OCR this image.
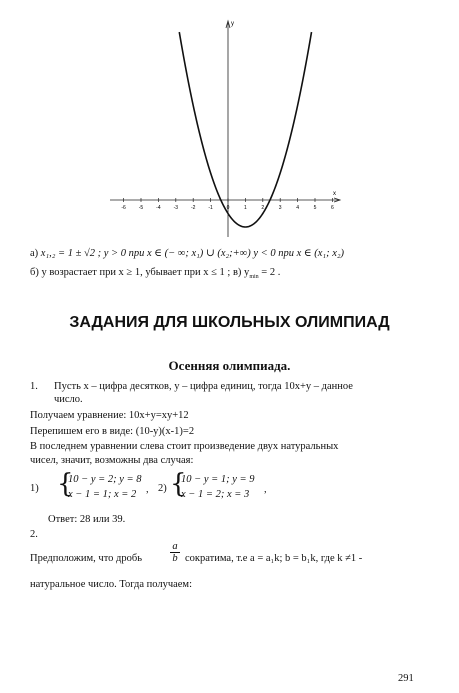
y
x
-6	-5	-4	-3	-2	-1	0	1	2	3	4	5	6
а) x₁,₂ = 1 ± √2 ; y > 0 при x ∈ (− ∞; x₁) ∪ (x₂;+∞) y < 0 при x ∈ (x₁; x₂)
б) y возрастает при x ≥ 1, убывает при x ≤ 1 ; в) $y_{min} = 2$ .
ЗАДАНИЯ ДЛЯ ШКОЛЬНЫХ ОЛИМПИАД
Осенняя олимпиада.
1. Пусть x – цифра десятков, y – цифра единиц, тогда 10x+y – данное
число.
Получаем уравнение: 10x+y=xy+12
Перепишем его в виде: (10-y)(x-1)=2
В последнем уравнении слева стоит произведение двух натуральных
чисел, значит, возможны два случая:
1) {
10 − y = 2; y = 8
x − 1 = 1; x = 2 , 2) {
10 − y = 1; y = 9
x − 1 = 2; x = 3 ,
Ответ: 28 или 39.
2.
Предположим, что дробь
a
b сократима, т.е a = a₁k; b = b₁k, где k ≠1 -
натуральное число. Тогда получаем:
291
